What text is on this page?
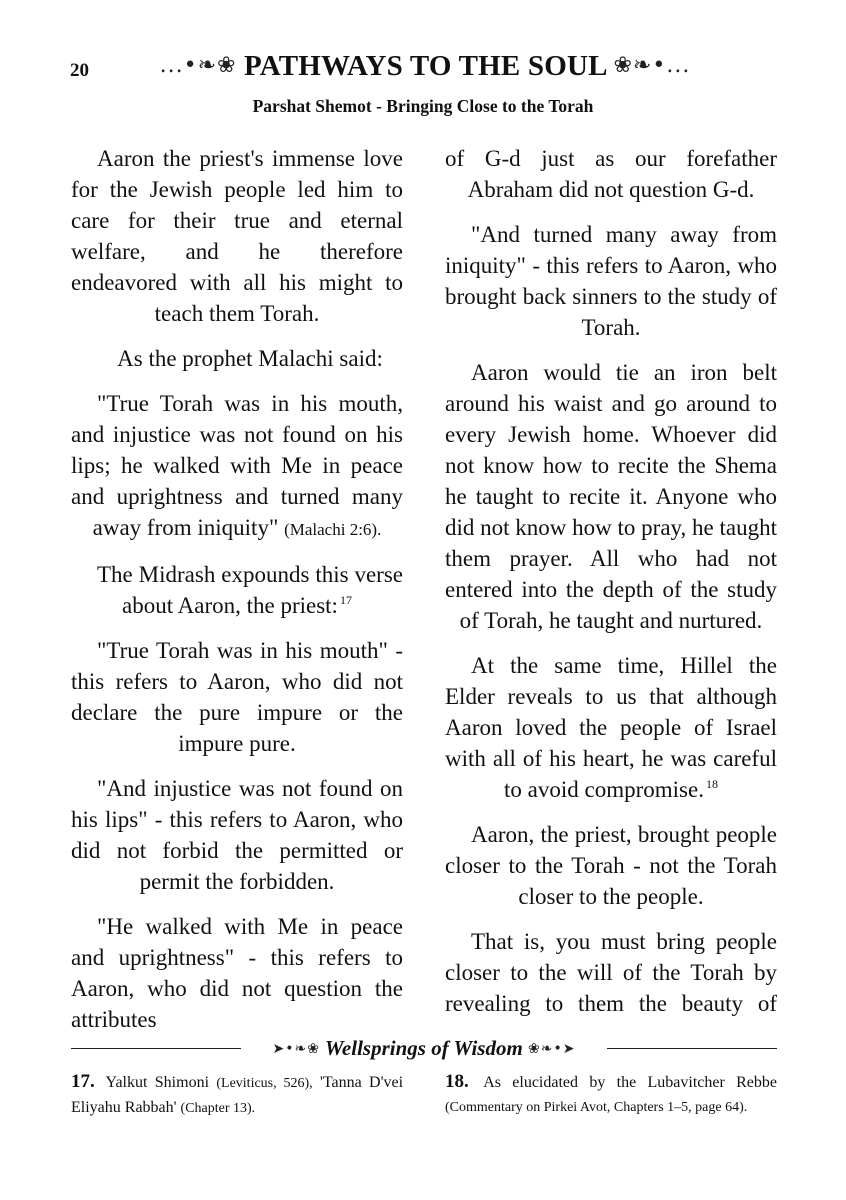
20	...•❧❀ PATHWAYS TO THE SOUL ❀❧•...
Parshat Shemot - Bringing Close to the Torah

Aaron the priest's immense love for the Jewish people led him to care for their true and eternal welfare, and he therefore endeavored with all his might to teach them Torah.

As the prophet Malachi said:

"True Torah was in his mouth, and injustice was not found on his lips; he walked with Me in peace and uprightness and turned many away from iniquity" (Malachi 2:6).

The Midrash expounds this verse about Aaron, the priest: $^{17}$

"True Torah was in his mouth" - this refers to Aaron, who did not declare the pure impure or the impure pure.

"And injustice was not found on his lips" - this refers to Aaron, who did not forbid the permitted or permit the forbidden.

"He walked with Me in peace and uprightness" - this refers to Aaron, who did not question the attributes

of G-d just as our forefather Abraham did not question G-d.

"And turned many away from iniquity" - this refers to Aaron, who brought back sinners to the study of Torah.

Aaron would tie an iron belt around his waist and go around to every Jewish home. Whoever did not know how to recite the Shema he taught to recite it. Anyone who did not know how to pray, he taught them prayer. All who had not entered into the depth of the study of Torah, he taught and nurtured.

At the same time, Hillel the Elder reveals to us that although Aaron loved the people of Israel with all of his heart, he was careful to avoid compromise. $^{18}$

Aaron, the priest, brought people closer to the Torah - not the Torah closer to the people.

That is, you must bring people closer to the will of the Torah by revealing to them the beauty of

➤•❧❀ Wellsprings of Wisdom ❀❧•➤
17. Yalkut Shimoni (Leviticus, 526), 'Tanna D'vei Eliyahu Rabbah' (Chapter 13).
18. As elucidated by the Lubavitcher Rebbe (Commentary on Pirkei Avot, Chapters 1–5, page 64).
